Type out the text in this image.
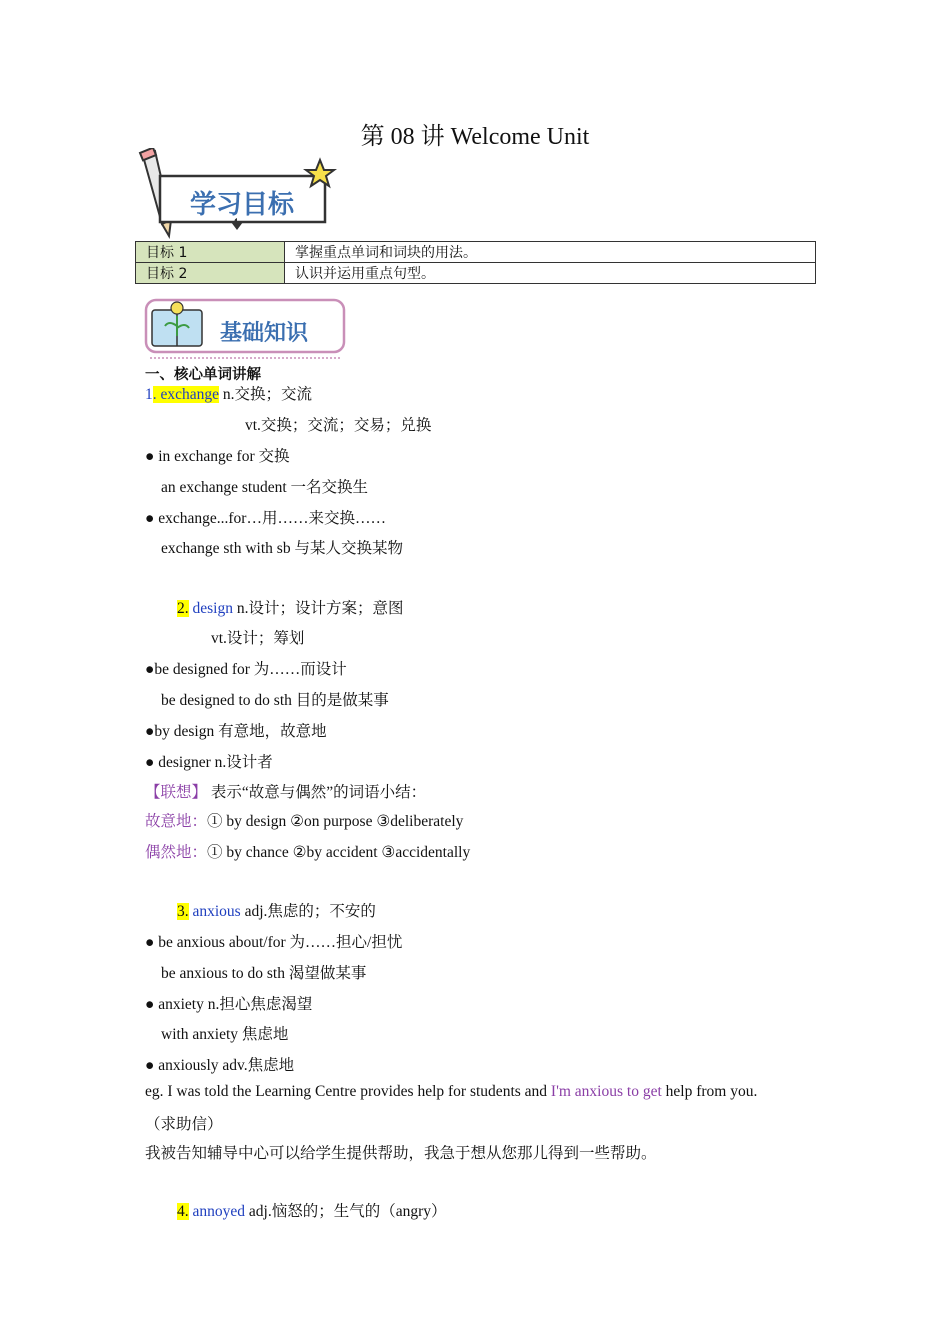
第 08 讲 Welcome Unit
学习目标
目标 1	掌握重点单词和词块的用法。
目标 2	认识并运用重点句型。
基础知识
一、核心单词讲解
1. exchange n.交换；交流
vt.交换；交流；交易；兑换
● in exchange for 交换
an exchange student 一名交换生
● exchange...for…用……来交换……
exchange sth with sb 与某人交换某物
2. design n.设计；设计方案；意图
vt.设计；筹划
●be designed for 为……而设计
be designed to do sth 目的是做某事
●by design 有意地，故意地
● designer n.设计者
【联想】 表示“故意与偶然”的词语小结：
故意地：① by design ②on purpose ③deliberately
偶然地：① by chance ②by accident ③accidentally
3. anxious adj.焦虑的；不安的
● be anxious about/for 为……担心/担忧
be anxious to do sth 渴望做某事
● anxiety n.担心焦虑渴望
with anxiety 焦虑地
● anxiously adv.焦虑地
eg. I was told the Learning Centre provides help for students and I'm anxious to get help from you.
（求助信）
我被告知辅导中心可以给学生提供帮助，我急于想从您那儿得到一些帮助。
4. annoyed adj.恼怒的；生气的（angry）
